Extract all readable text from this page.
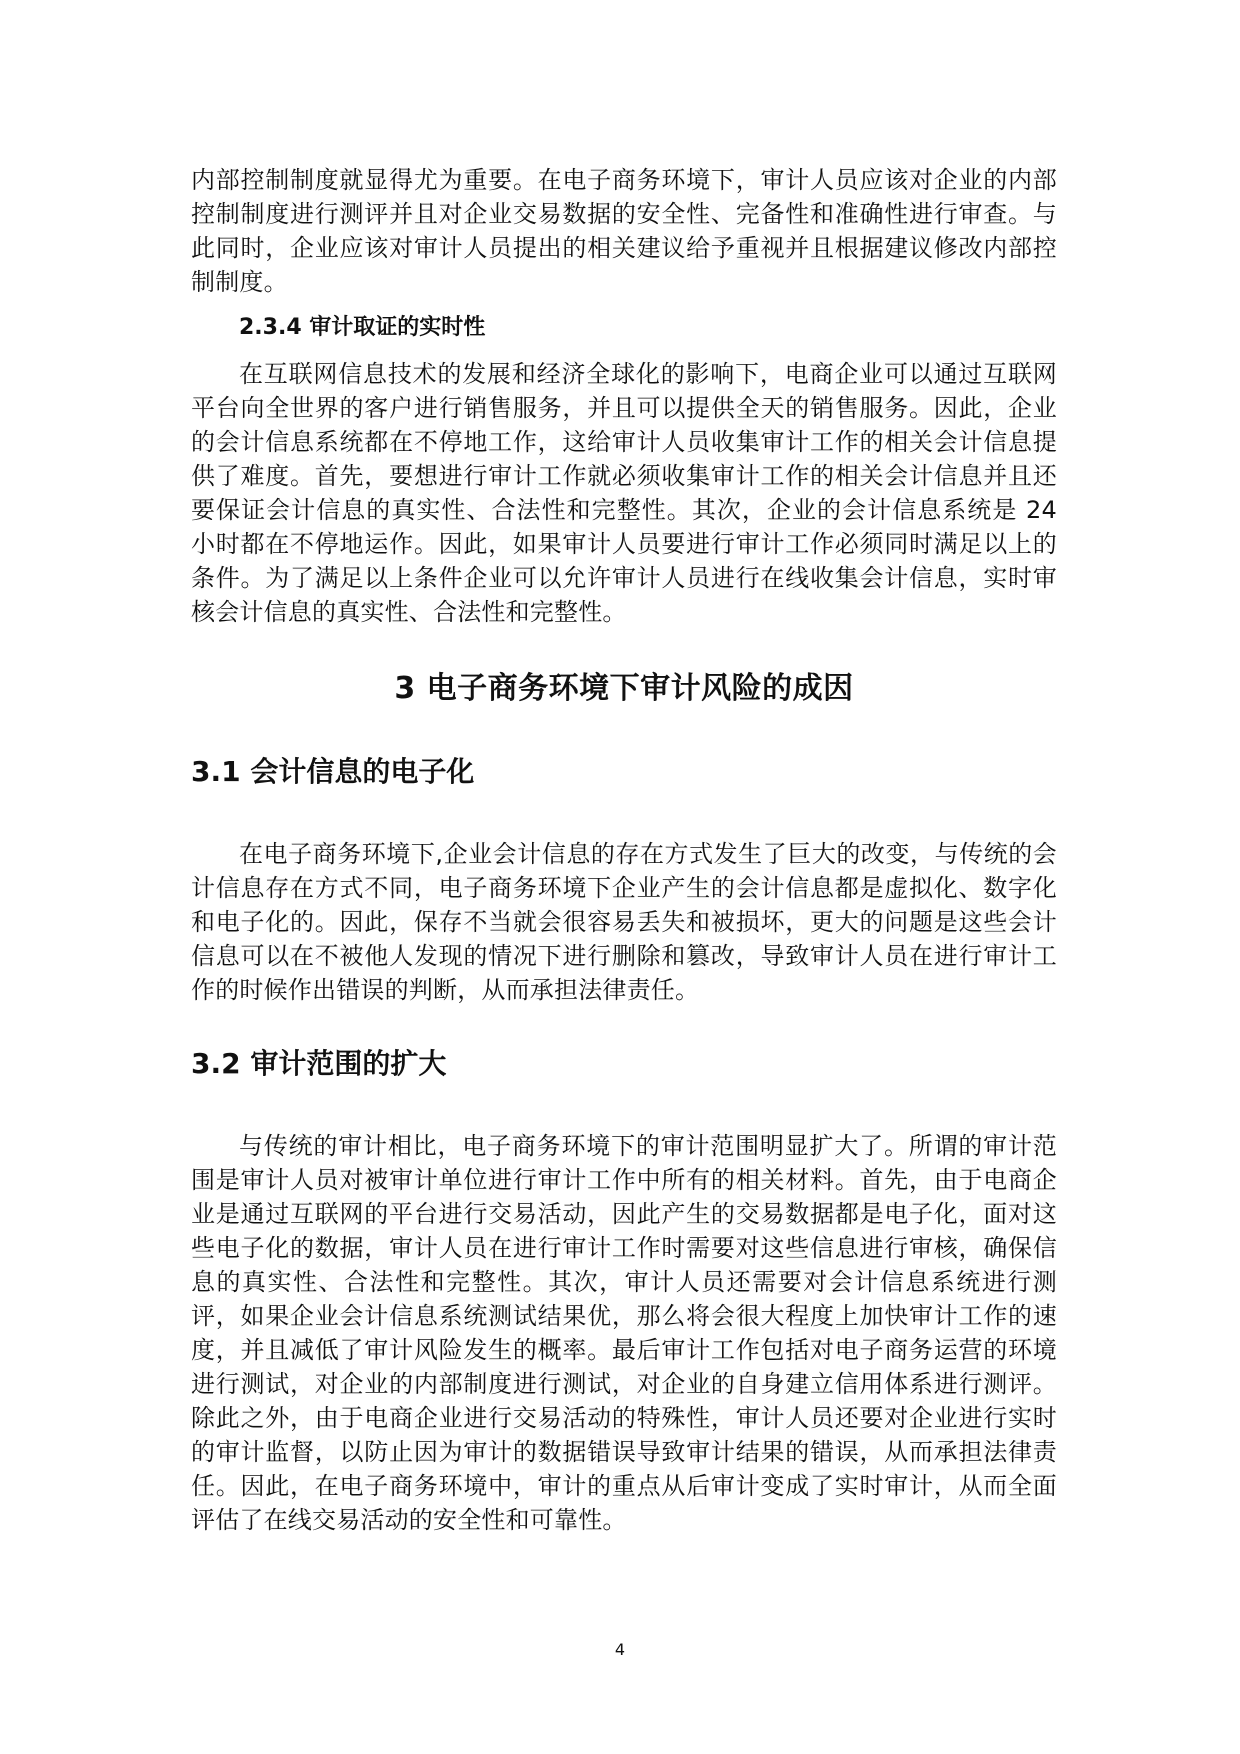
内部控制制度就显得尤为重要。在电子商务环境下，审计人员应该对企业的内部控制制度进行测评并且对企业交易数据的安全性、完备性和准确性进行审查。与此同时，企业应该对审计人员提出的相关建议给予重视并且根据建议修改内部控制制度。

2.3.4 审计取证的实时性

在互联网信息技术的发展和经济全球化的影响下，电商企业可以通过互联网平台向全世界的客户进行销售服务，并且可以提供全天的销售服务。因此，企业的会计信息系统都在不停地工作，这给审计人员收集审计工作的相关会计信息提供了难度。首先，要想进行审计工作就必须收集审计工作的相关会计信息并且还要保证会计信息的真实性、合法性和完整性。其次，企业的会计信息系统是 24 小时都在不停地运作。因此，如果审计人员要进行审计工作必须同时满足以上的条件。为了满足以上条件企业可以允许审计人员进行在线收集会计信息，实时审核会计信息的真实性、合法性和完整性。

3 电子商务环境下审计风险的成因
3.1 会计信息的电子化

在电子商务环境下,企业会计信息的存在方式发生了巨大的改变，与传统的会计信息存在方式不同，电子商务环境下企业产生的会计信息都是虚拟化、数字化和电子化的。因此，保存不当就会很容易丢失和被损坏，更大的问题是这些会计信息可以在不被他人发现的情况下进行删除和篡改，导致审计人员在进行审计工作的时候作出错误的判断，从而承担法律责任。

3.2 审计范围的扩大

与传统的审计相比，电子商务环境下的审计范围明显扩大了。所谓的审计范围是审计人员对被审计单位进行审计工作中所有的相关材料。首先，由于电商企业是通过互联网的平台进行交易活动，因此产生的交易数据都是电子化，面对这些电子化的数据，审计人员在进行审计工作时需要对这些信息进行审核，确保信息的真实性、合法性和完整性。其次，审计人员还需要对会计信息系统进行测评，如果企业会计信息系统测试结果优，那么将会很大程度上加快审计工作的速度，并且减低了审计风险发生的概率。最后审计工作包括对电子商务运营的环境进行测试，对企业的内部制度进行测试，对企业的自身建立信用体系进行测评。除此之外，由于电商企业进行交易活动的特殊性，审计人员还要对企业进行实时的审计监督，以防止因为审计的数据错误导致审计结果的错误，从而承担法律责任。因此，在电子商务环境中，审计的重点从后审计变成了实时审计，从而全面评估了在线交易活动的安全性和可靠性。

4
